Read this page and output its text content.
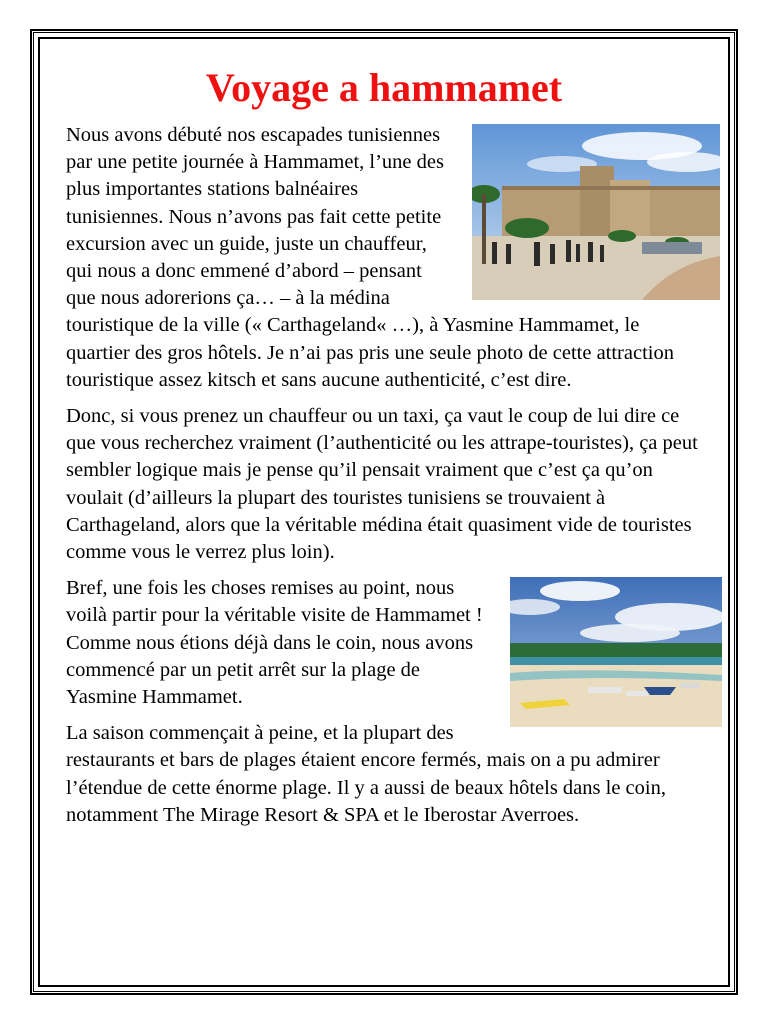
Voyage a hammamet

Nous avons débuté nos escapades tunisiennes par une petite journée à Hammamet, l’une des plus importantes stations balnéaires tunisiennes. Nous n’avons pas fait cette petite excursion avec un guide, juste un chauffeur, qui nous a donc emmené d’abord – pensant que nous adorerions ça… – à la médina touristique de la ville (« Carthageland« …), à Yasmine Hammamet, le quartier des gros hôtels. Je n’ai pas pris une seule photo de cette attraction touristique assez kitsch et sans aucune authenticité, c’est dire.

Donc, si vous prenez un chauffeur ou un taxi, ça vaut le coup de lui dire ce que vous recherchez vraiment (l’authenticité ou les attrape-touristes), ça peut sembler logique mais je pense qu’il pensait vraiment que c’est ça qu’on voulait (d’ailleurs la plupart des touristes tunisiens se trouvaient à Carthageland, alors que la véritable médina était quasiment vide de touristes comme vous le verrez plus loin).

Bref, une fois les choses remises au point, nous voilà partir pour la véritable visite de Hammamet ! Comme nous étions déjà dans le coin, nous avons commencé par un petit arrêt sur la plage de Yasmine Hammamet.

La saison commençait à peine, et la plupart des restaurants et bars de plages étaient encore fermés, mais on a pu admirer l’étendue de cette énorme plage. Il y a aussi de beaux hôtels dans le coin, notamment The Mirage Resort & SPA et le Iberostar Averroes.
